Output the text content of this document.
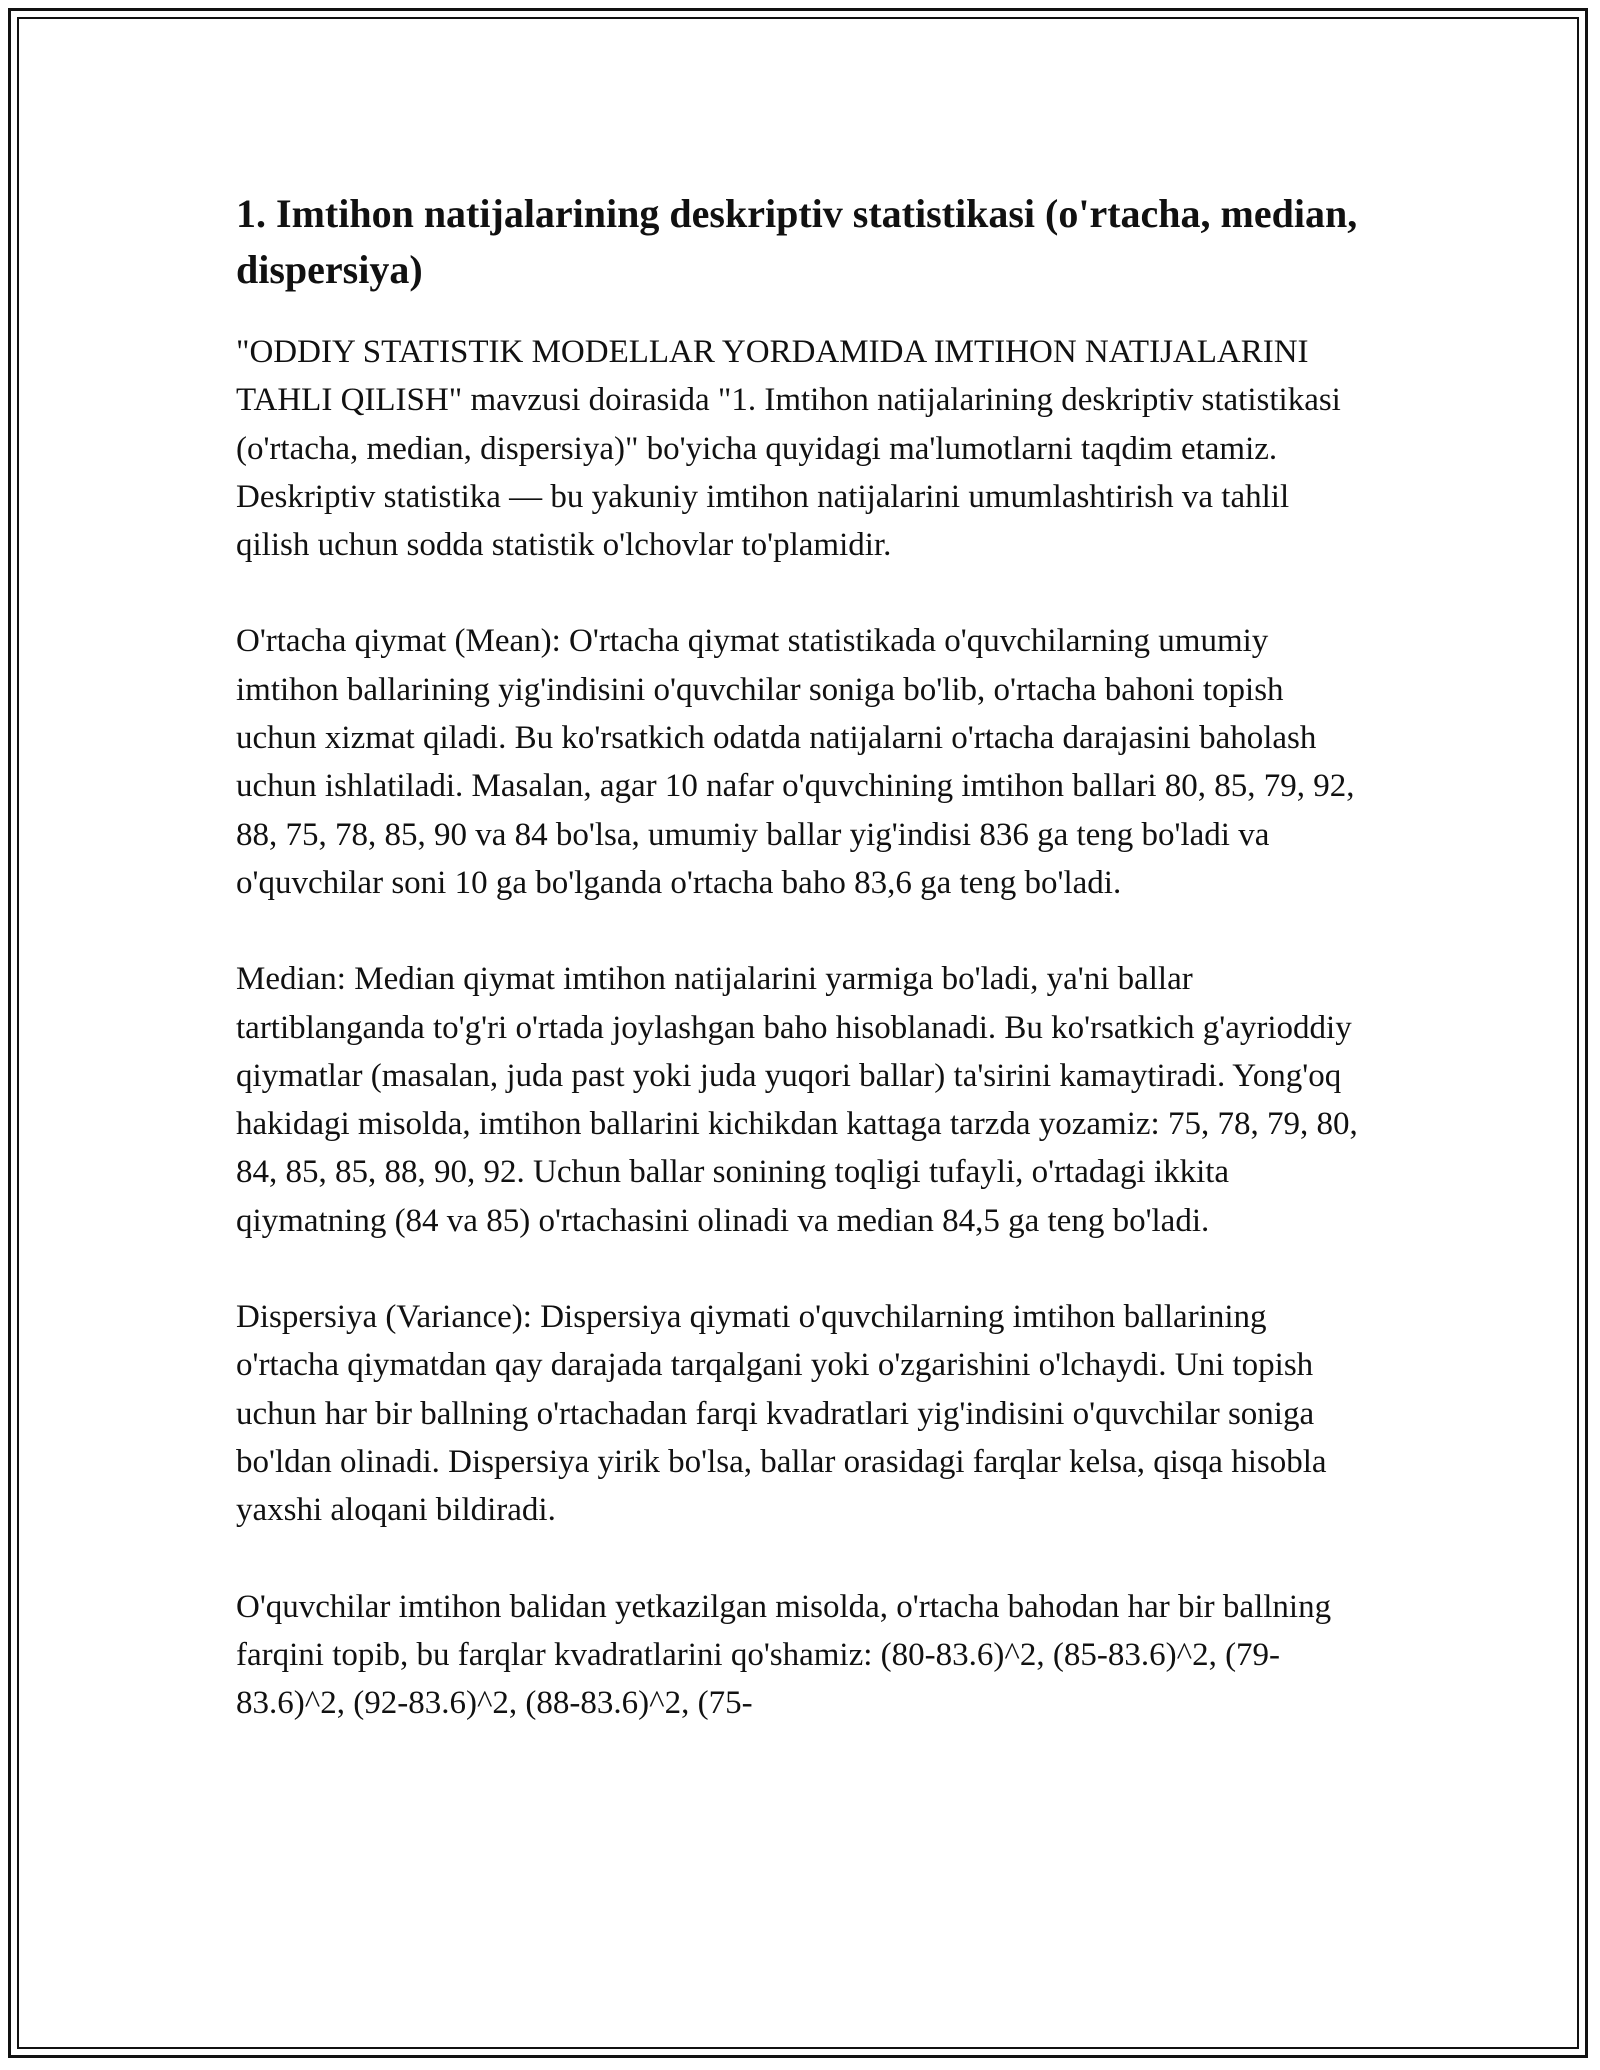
1. Imtihon natijalarining deskriptiv statistikasi (o'rtacha, median, dispersiya)

"ODDIY STATISTIK MODELLAR YORDAMIDA IMTIHON NATIJALARINI TAHLI QILISH" mavzusi doirasida "1. Imtihon natijalarining deskriptiv statistikasi (o'rtacha, median, dispersiya)" bo'yicha quyidagi ma'lumotlarni taqdim etamiz. Deskriptiv statistika — bu yakuniy imtihon natijalarini umumlashtirish va tahlil qilish uchun sodda statistik o'lchovlar to'plamidir.

O'rtacha qiymat (Mean): O'rtacha qiymat statistikada o'quvchilarning umumiy imtihon ballarining yig'indisini o'quvchilar soniga bo'lib, o'rtacha bahoni topish uchun xizmat qiladi. Bu ko'rsatkich odatda natijalarni o'rtacha darajasini baholash uchun ishlatiladi. Masalan, agar 10 nafar o'quvchining imtihon ballari 80, 85, 79, 92, 88, 75, 78, 85, 90 va 84 bo'lsa, umumiy ballar yig'indisi 836 ga teng bo'ladi va o'quvchilar soni 10 ga bo'lganda o'rtacha baho 83,6 ga teng bo'ladi.

Median: Median qiymat imtihon natijalarini yarmiga bo'ladi, ya'ni ballar tartiblanganda to'g'ri o'rtada joylashgan baho hisoblanadi. Bu ko'rsatkich g'ayrioddiy qiymatlar (masalan, juda past yoki juda yuqori ballar) ta'sirini kamaytiradi. Yong'oq hakidagi misolda, imtihon ballarini kichikdan kattaga tarzda yozamiz: 75, 78, 79, 80, 84, 85, 85, 88, 90, 92. Uchun ballar sonining toqligi tufayli, o'rtadagi ikkita qiymatning (84 va 85) o'rtachasini olinadi va median 84,5 ga teng bo'ladi.

Dispersiya (Variance): Dispersiya qiymati o'quvchilarning imtihon ballarining o'rtacha qiymatdan qay darajada tarqalgani yoki o'zgarishini o'lchaydi. Uni topish uchun har bir ballning o'rtachadan farqi kvadratlari yig'indisini o'quvchilar soniga bo'ldan olinadi. Dispersiya yirik bo'lsa, ballar orasidagi farqlar kelsa, qisqa hisobla yaxshi aloqani bildiradi.

O'quvchilar imtihon balidan yetkazilgan misolda, o'rtacha bahodan har bir ballning farqini topib, bu farqlar kvadratlarini qo'shamiz: (80-83.6)^2, (85-83.6)^2, (79-83.6)^2, (92-83.6)^2, (88-83.6)^2, (75-
